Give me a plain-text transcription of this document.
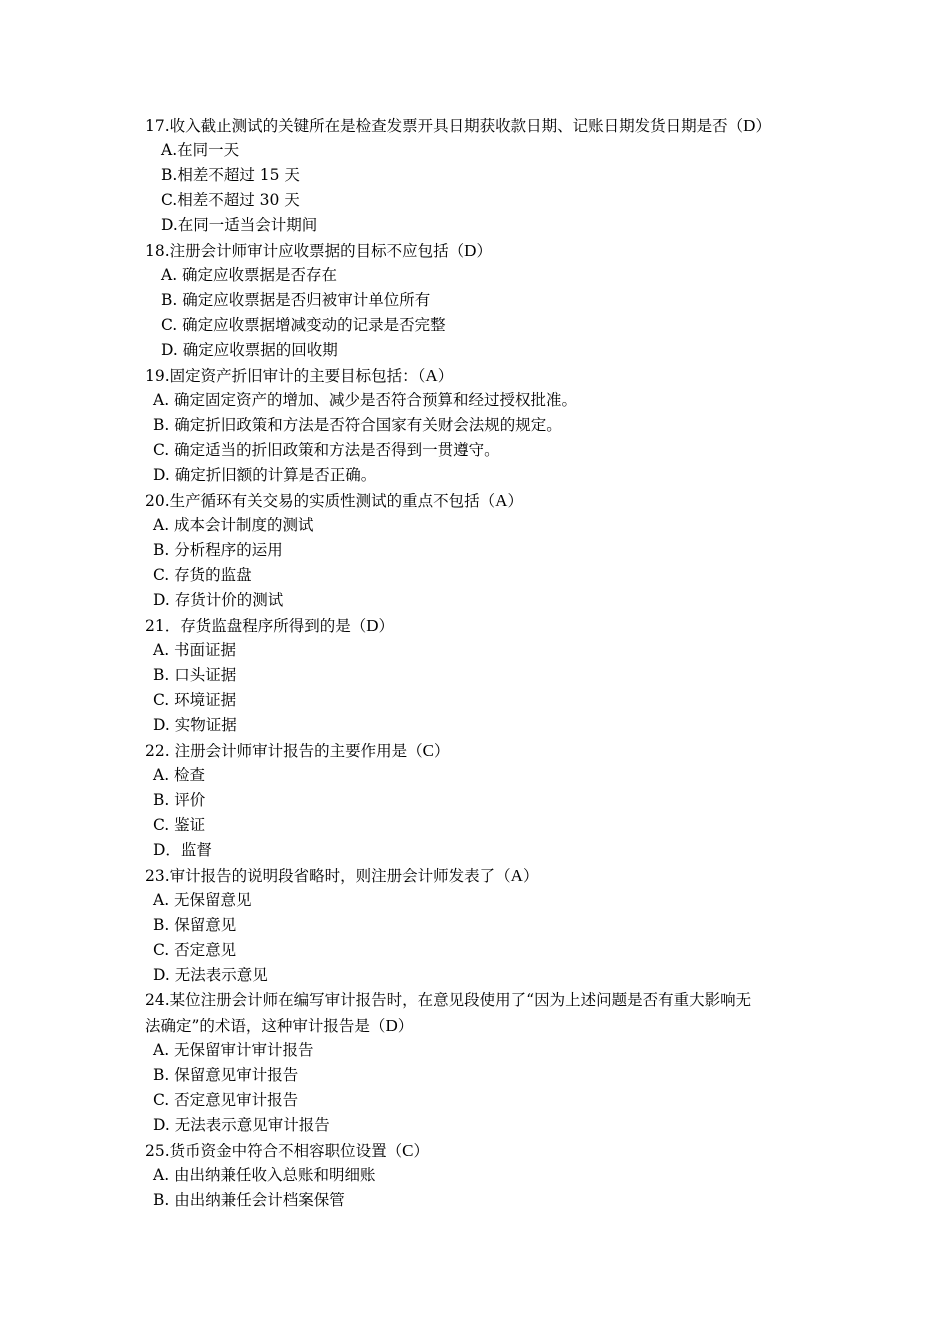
17.收入截止测试的关键所在是检查发票开具日期获收款日期、记账日期发货日期是否（D）
A.在同一天
B.相差不超过 15 天
C.相差不超过 30 天
D.在同一适当会计期间
18.注册会计师审计应收票据的目标不应包括（D）
A. 确定应收票据是否存在
B. 确定应收票据是否归被审计单位所有
C. 确定应收票据增减变动的记录是否完整
D. 确定应收票据的回收期
19.固定资产折旧审计的主要目标包括：（A）
A. 确定固定资产的增加、减少是否符合预算和经过授权批准。
B. 确定折旧政策和方法是否符合国家有关财会法规的规定。
C. 确定适当的折旧政策和方法是否得到一贯遵守。
D. 确定折旧额的计算是否正确。
20.生产循环有关交易的实质性测试的重点不包括（A）
A. 成本会计制度的测试
B. 分析程序的运用
C. 存货的监盘
D. 存货计价的测试
21．存货监盘程序所得到的是（D）
A. 书面证据
B. 口头证据
C. 环境证据
D. 实物证据
22. 注册会计师审计报告的主要作用是（C）
A. 检查
B. 评价
C. 鉴证
D．监督
23.审计报告的说明段省略时，则注册会计师发表了（A）
A. 无保留意见
B. 保留意见
C. 否定意见
D. 无法表示意见
24.某位注册会计师在编写审计报告时，在意见段使用了“因为上述问题是否有重大影响无
法确定”的术语，这种审计报告是（D）
A. 无保留审计审计报告
B. 保留意见审计报告
C. 否定意见审计报告
D. 无法表示意见审计报告
25.货币资金中符合不相容职位设置（C）
A. 由出纳兼任收入总账和明细账
B. 由出纳兼任会计档案保管
